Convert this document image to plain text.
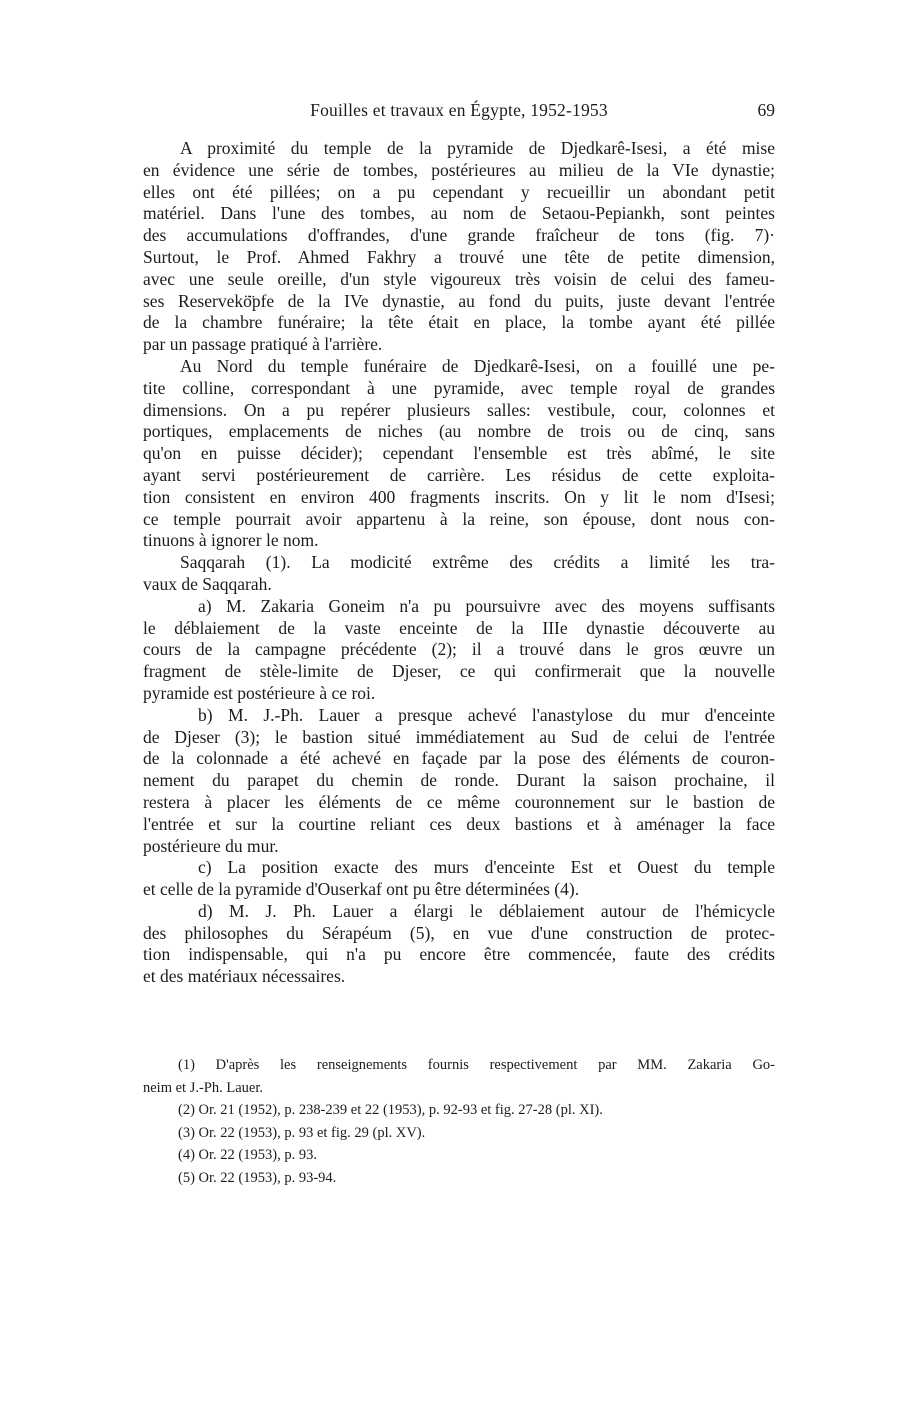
Fouilles et travaux en Égypte, 1952-1953	69
A proximité du temple de la pyramide de Djedkarê-Isesi, a été mise
en évidence une série de tombes, postérieures au milieu de la VIe dynastie;
elles ont été pillées; on a pu cependant y recueillir un abondant petit
matériel. Dans l'une des tombes, au nom de Setaou-Pepiankh, sont peintes
des accumulations d'offrandes, d'une grande fraîcheur de tons (fig. 7)·
Surtout, le Prof. Ahmed Fakhry a trouvé une tête de petite dimension,
avec une seule oreille, d'un style vigoureux très voisin de celui des fameu-
ses Reservekö̈pfe de la IVe dynastie, au fond du puits, juste devant l'entrée
de la chambre funéraire; la tête était en place, la tombe ayant été pillée
par un passage pratiqué à l'arrière.
Au Nord du temple funéraire de Djedkarê-Isesi, on a fouillé une pe-
tite colline, correspondant à une pyramide, avec temple royal de grandes
dimensions. On a pu repérer plusieurs salles: vestibule, cour, colonnes et
portiques, emplacements de niches (au nombre de trois ou de cinq, sans
qu'on en puisse décider); cependant l'ensemble est très abîmé, le site
ayant servi postérieurement de carrière. Les résidus de cette exploita-
tion consistent en environ 400 fragments inscrits. On y lit le nom d'Isesi;
ce temple pourrait avoir appartenu à la reine, son épouse, dont nous con-
tinuons à ignorer le nom.
Saqqarah (1). La modicité extrême des crédits a limité les tra-
vaux de Saqqarah.
a) M. Zakaria Goneim n'a pu poursuivre avec des moyens suffisants
le déblaiement de la vaste enceinte de la IIIe dynastie découverte au
cours de la campagne précédente (2); il a trouvé dans le gros œuvre un
fragment de stèle-limite de Djeser, ce qui confirmerait que la nouvelle
pyramide est postérieure à ce roi.
b) M. J.-Ph. Lauer a presque achevé l'anastylose du mur d'enceinte
de Djeser (3); le bastion situé immédiatement au Sud de celui de l'entrée
de la colonnade a été achevé en façade par la pose des éléments de couron-
nement du parapet du chemin de ronde. Durant la saison prochaine, il
restera à placer les éléments de ce même couronnement sur le bastion de
l'entrée et sur la courtine reliant ces deux bastions et à aménager la face
postérieure du mur.
c) La position exacte des murs d'enceinte Est et Ouest du temple
et celle de la pyramide d'Ouserkaf ont pu être déterminées (4).
d) M. J. Ph. Lauer a élargi le déblaiement autour de l'hémicycle
des philosophes du Sérapéum (5), en vue d'une construction de protec-
tion indispensable, qui n'a pu encore être commencée, faute des crédits
et des matériaux nécessaires.
(1) D'après les renseignements fournis respectivement par MM. Zakaria Go-
neim et J.-Ph. Lauer.
(2) Or. 21 (1952), p. 238-239 et 22 (1953), p. 92-93 et fig. 27-28 (pl. XI).
(3) Or. 22 (1953), p. 93 et fig. 29 (pl. XV).
(4) Or. 22 (1953), p. 93.
(5) Or. 22 (1953), p. 93-94.
